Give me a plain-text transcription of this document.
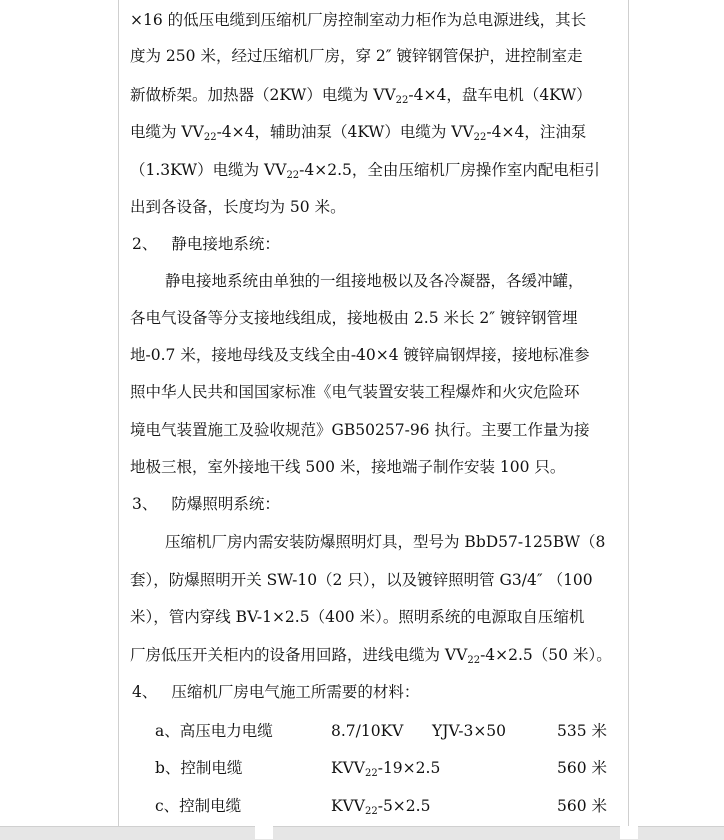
×16 的低压电缆到压缩机厂房控制室动力柜作为总电源进线，其长
度为 250 米，经过压缩机厂房，穿 2″ 镀锌钢管保护，进控制室走
新做桥架。加热器（2KW）电缆为 $VV_{22}-4\times 4$，盘车电机（4KW）
电缆为 $VV_{22}-4\times 4$，辅助油泵（4KW）电缆为 $VV_{22}-4\times 4$，注油泵
（1.3KW）电缆为 $VV_{22}-4\times 2.5$，全由压缩机厂房操作室内配电柜引
出到各设备，长度均为 50 米。
2、 静电接地系统：
静电接地系统由单独的一组接地极以及各冷凝器，各缓冲罐，
各电气设备等分支接地线组成，接地极由 2.5 米长 2″ 镀锌钢管埋
地-0.7 米，接地母线及支线全由-40×4 镀锌扁钢焊接，接地标准参
照中华人民共和国国家标准《电气装置安装工程爆炸和火灾危险环
境电气装置施工及验收规范》GB50257-96 执行。主要工作量为接
地极三根，室外接地干线 500 米，接地端子制作安装 100 只。
3、 防爆照明系统：
压缩机厂房内需安装防爆照明灯具，型号为 BbD57-125BW（8
套），防爆照明开关 SW-10（2 只），以及镀锌照明管 G3/4″ （100
米），管内穿线 BV-1×2.5（400 米）。照明系统的电源取自压缩机
厂房低压开关柜内的设备用回路，进线电缆为 $VV_{22}-4\times 2.5(50$ 米）。
4、 压缩机厂房电气施工所需要的材料：
a、高压电力电缆	8.7/10KV YJV-3×50	535 米
b、控制电缆	$KVV_{22}-19\times 2.5$	560 米
c、控制电缆	$KVV_{22}-5\times 2.5$	560 米
